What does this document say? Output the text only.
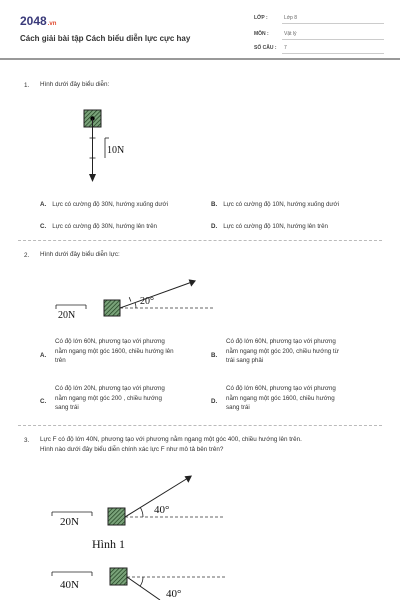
2048.vn
Cách giải bài tập Cách biểu diễn lực cực hay
LỚP :	Lớp 8
MÔN :	Vật lý
SỐ CÂU : 7
1. Hình dưới đây biểu diễn:
10N
A. Lực có cường độ 30N, hướng xuống dưới	B. Lực có cường độ 10N, hướng xuống dưới
C. Lực có cường độ 30N, hướng lên trên	D. Lực có cường độ 10N, hướng lên trên
2. Hình dưới đây biểu diễn lực:
20N
20°
A.
Có độ lớn 60N, phương tạo với phương
nằm ngang một góc 1600, chiều hướng lên
trên
B.
Có độ lớn 60N, phương tạo với phương
nằm ngang một góc 200, chiều hướng từ
trái sang phải
C.
Có độ lớn 20N, phương tạo với phương
nằm ngang một góc 200 , chiều hướng
sang trái
D.
Có độ lớn 60N, phương tạo với phương
nằm ngang một góc 1600, chiều hướng
sang trái
3. Lực F có độ lớn 40N, phương tạo với phương nằm ngang một góc 400, chiều hướng lên trên.
Hình nào dưới đây biểu diễn chính xác lực F như mô tả bên trên?
20N
40°
Hình 1
40N
40°
